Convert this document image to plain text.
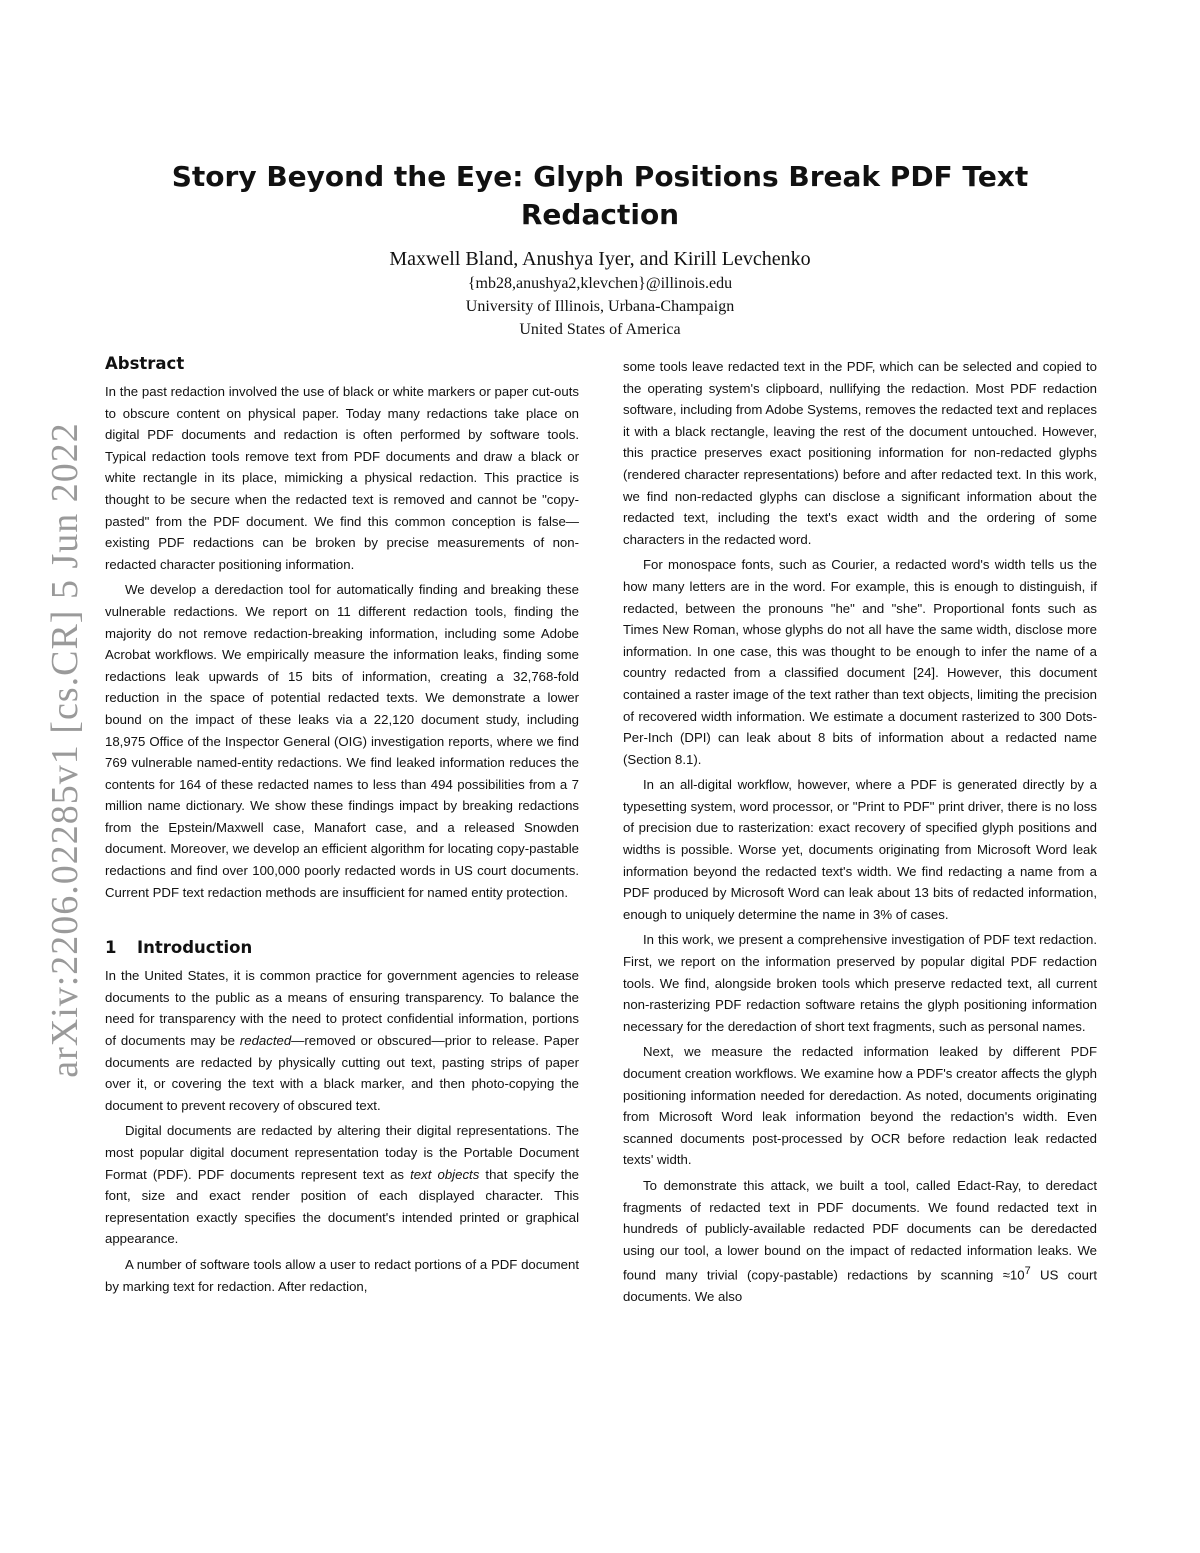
arXiv:2206.02285v1 [cs.CR] 5 Jun 2022
Story Beyond the Eye: Glyph Positions Break PDF Text Redaction
Maxwell Bland, Anushya Iyer, and Kirill Levchenko
{mb28,anushya2,klevchen}@illinois.edu
University of Illinois, Urbana-Champaign
United States of America
Abstract

In the past redaction involved the use of black or white markers or paper cut-outs to obscure content on physical paper. Today many redactions take place on digital PDF documents and redaction is often performed by software tools. Typical redaction tools remove text from PDF documents and draw a black or white rectangle in its place, mimicking a physical redaction. This practice is thought to be secure when the redacted text is removed and cannot be "copy-pasted" from the PDF document. We find this common conception is false—existing PDF redactions can be broken by precise measurements of non-redacted character positioning information.

We develop a deredaction tool for automatically finding and breaking these vulnerable redactions. We report on 11 different redaction tools, finding the majority do not remove redaction-breaking information, including some Adobe Acrobat workflows. We empirically measure the information leaks, finding some redactions leak upwards of 15 bits of information, creating a 32,768-fold reduction in the space of potential redacted texts. We demonstrate a lower bound on the impact of these leaks via a 22,120 document study, including 18,975 Office of the Inspector General (OIG) investigation reports, where we find 769 vulnerable named-entity redactions. We find leaked information reduces the contents for 164 of these redacted names to less than 494 possibilities from a 7 million name dictionary. We show these findings impact by breaking redactions from the Epstein/Maxwell case, Manafort case, and a released Snowden document. Moreover, we develop an efficient algorithm for locating copy-pastable redactions and find over 100,000 poorly redacted words in US court documents. Current PDF text redaction methods are insufficient for named entity protection.

1 Introduction

In the United States, it is common practice for government agencies to release documents to the public as a means of ensuring transparency. To balance the need for transparency with the need to protect confidential information, portions of documents may be redacted—removed or obscured—prior to release. Paper documents are redacted by physically cutting out text, pasting strips of paper over it, or covering the text with a black marker, and then photo-copying the document to prevent recovery of obscured text.

Digital documents are redacted by altering their digital representations. The most popular digital document representation today is the Portable Document Format (PDF). PDF documents represent text as text objects that specify the font, size and exact render position of each displayed character. This representation exactly specifies the document's intended printed or graphical appearance.

A number of software tools allow a user to redact portions of a PDF document by marking text for redaction. After redaction,

some tools leave redacted text in the PDF, which can be selected and copied to the operating system's clipboard, nullifying the redaction. Most PDF redaction software, including from Adobe Systems, removes the redacted text and replaces it with a black rectangle, leaving the rest of the document untouched. However, this practice preserves exact positioning information for non-redacted glyphs (rendered character representations) before and after redacted text. In this work, we find non-redacted glyphs can disclose a significant information about the redacted text, including the text's exact width and the ordering of some characters in the redacted word.

For monospace fonts, such as Courier, a redacted word's width tells us the how many letters are in the word. For example, this is enough to distinguish, if redacted, between the pronouns "he" and "she". Proportional fonts such as Times New Roman, whose glyphs do not all have the same width, disclose more information. In one case, this was thought to be enough to infer the name of a country redacted from a classified document [24]. However, this document contained a raster image of the text rather than text objects, limiting the precision of recovered width information. We estimate a document rasterized to 300 Dots-Per-Inch (DPI) can leak about 8 bits of information about a redacted name (Section 8.1).

In an all-digital workflow, however, where a PDF is generated directly by a typesetting system, word processor, or "Print to PDF" print driver, there is no loss of precision due to rasterization: exact recovery of specified glyph positions and widths is possible. Worse yet, documents originating from Microsoft Word leak information beyond the redacted text's width. We find redacting a name from a PDF produced by Microsoft Word can leak about 13 bits of redacted information, enough to uniquely determine the name in 3% of cases.

In this work, we present a comprehensive investigation of PDF text redaction. First, we report on the information preserved by popular digital PDF redaction tools. We find, alongside broken tools which preserve redacted text, all current non-rasterizing PDF redaction software retains the glyph positioning information necessary for the deredaction of short text fragments, such as personal names.

Next, we measure the redacted information leaked by different PDF document creation workflows. We examine how a PDF's creator affects the glyph positioning information needed for deredaction. As noted, documents originating from Microsoft Word leak information beyond the redaction's width. Even scanned documents post-processed by OCR before redaction leak redacted texts' width.

To demonstrate this attack, we built a tool, called Edact-Ray, to deredact fragments of redacted text in PDF documents. We found redacted text in hundreds of publicly-available redacted PDF documents can be deredacted using our tool, a lower bound on the impact of redacted information leaks. We found many trivial (copy-pastable) redactions by scanning $\approx 10^7$ US court documents. We also
